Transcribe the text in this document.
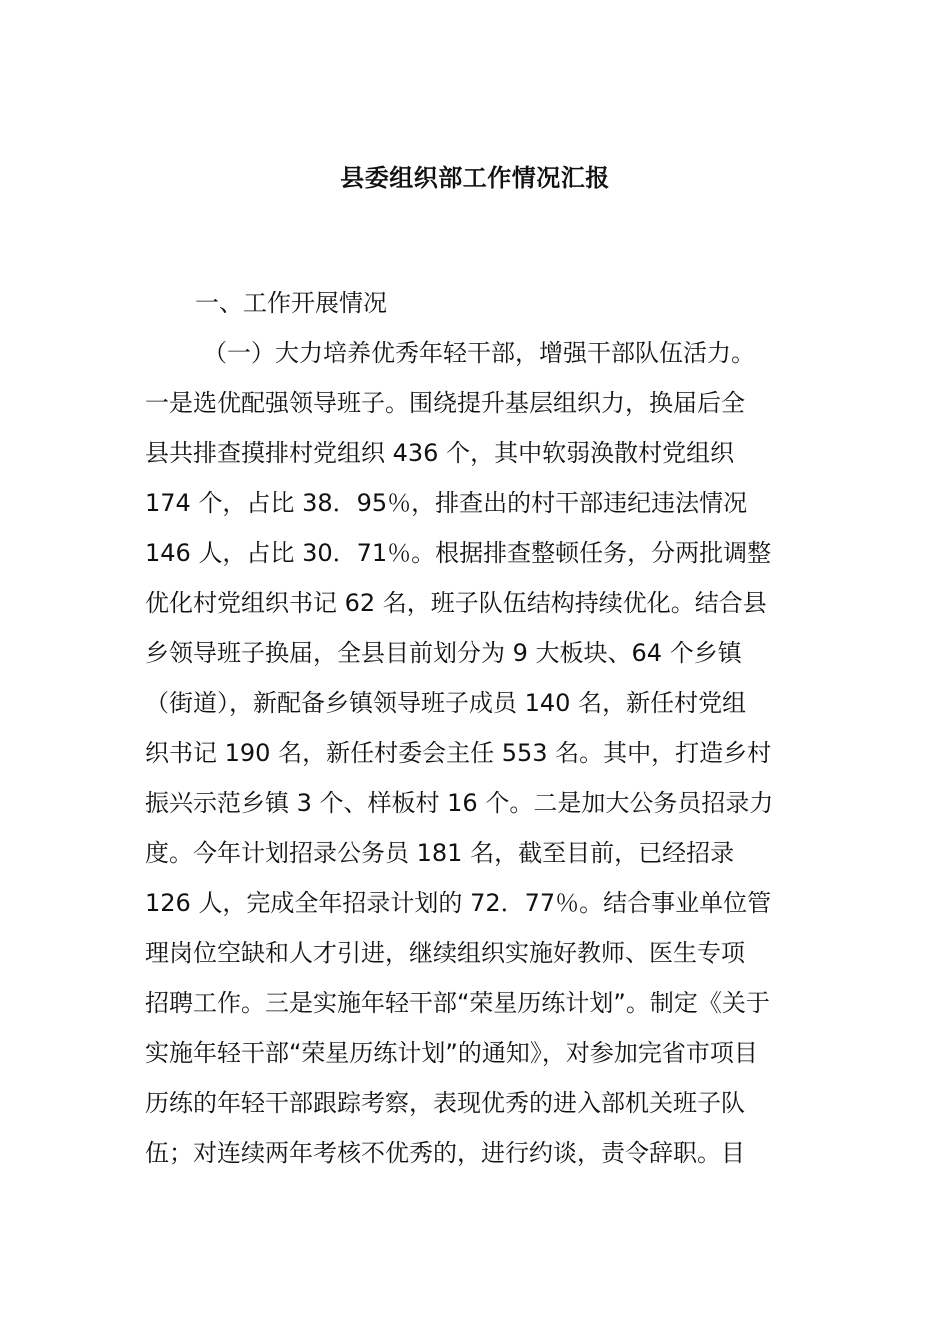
县委组织部工作情况汇报
一、工作开展情况
（一）大力培养优秀年轻干部，增强干部队伍活力。
一是选优配强领导班子。围绕提升基层组织力，换届后全
县共排查摸排村党组织 436 个，其中软弱涣散村党组织
174 个，占比 38．95％，排查出的村干部违纪违法情况
146 人，占比 30．71％。根据排查整顿任务，分两批调整
优化村党组织书记 62 名，班子队伍结构持续优化。结合县
乡领导班子换届，全县目前划分为 9 大板块、64 个乡镇
（街道），新配备乡镇领导班子成员 140 名，新任村党组
织书记 190 名，新任村委会主任 553 名。其中，打造乡村
振兴示范乡镇 3 个、样板村 16 个。二是加大公务员招录力
度。今年计划招录公务员 181 名，截至目前，已经招录
126 人，完成全年招录计划的 72．77％。结合事业单位管
理岗位空缺和人才引进，继续组织实施好教师、医生专项
招聘工作。三是实施年轻干部“荣星历练计划”。制定《关于
实施年轻干部“荣星历练计划”的通知》，对参加完省市项目
历练的年轻干部跟踪考察，表现优秀的进入部机关班子队
伍；对连续两年考核不优秀的，进行约谈，责令辞职。目
